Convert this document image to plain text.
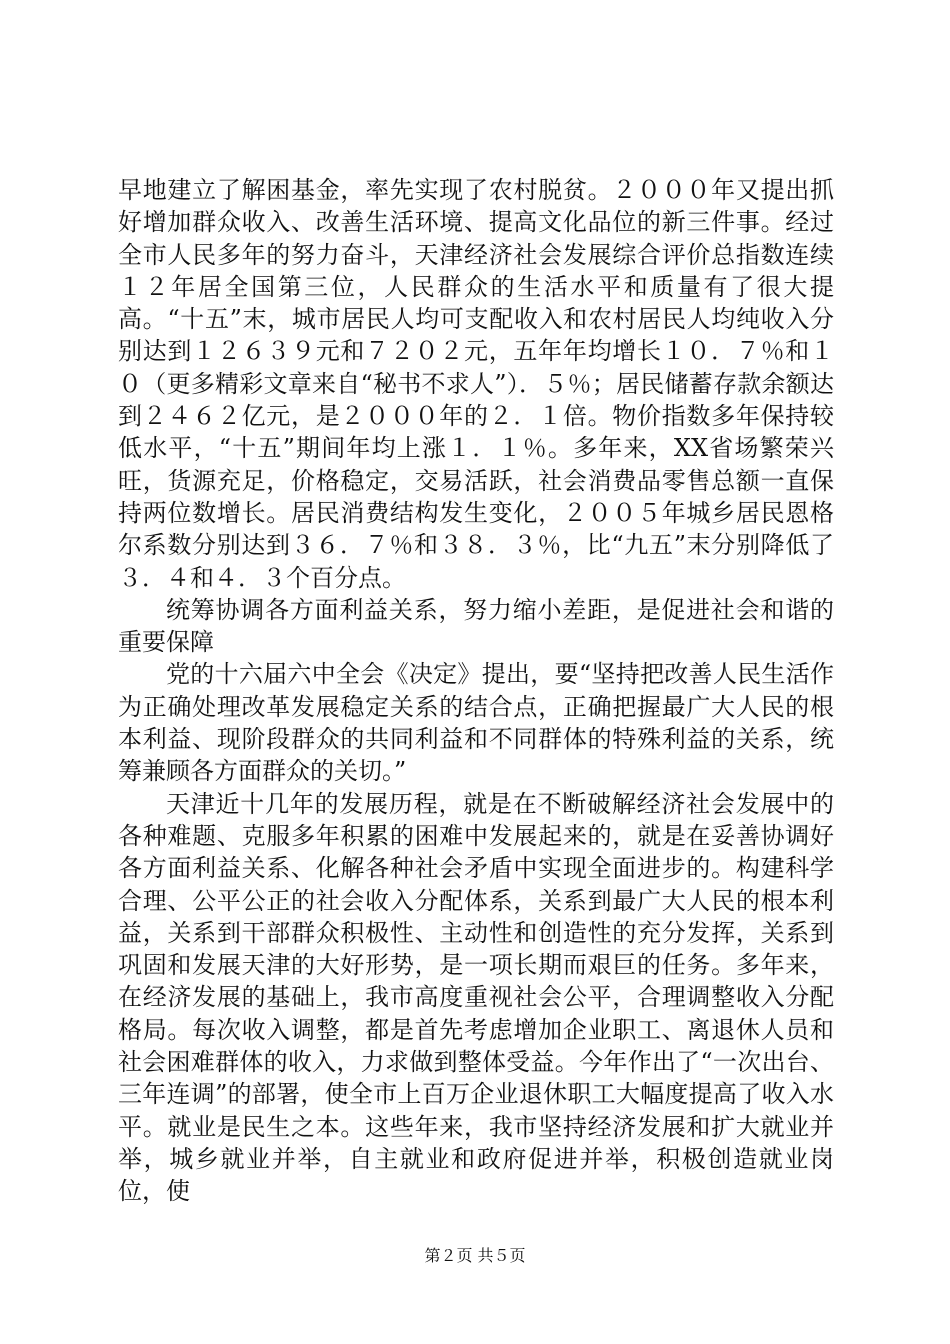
早地建立了解困基金，率先实现了农村脱贫。２０００年又提出抓好增加群众收入、改善生活环境、提高文化品位的新三件事。经过全市人民多年的努力奋斗，天津经济社会发展综合评价总指数连续１２年居全国第三位，人民群众的生活水平和质量有了很大提高。“十五”末，城市居民人均可支配收入和农村居民人均纯收入分别达到１２６３９元和７２０２元，五年年均增长１０．７％和１０（更多精彩文章来自“秘书不求人”）．５％；居民储蓄存款余额达到２４６２亿元，是２０００年的２．１倍。物价指数多年保持较低水平，“十五”期间年均上涨１．１％。多年来，XX省场繁荣兴旺，货源充足，价格稳定，交易活跃，社会消费品零售总额一直保持两位数增长。居民消费结构发生变化，２００５年城乡居民恩格尔系数分别达到３６．７％和３８．３％，比“九五”末分别降低了３．４和４．３个百分点。

统筹协调各方面利益关系，努力缩小差距，是促进社会和谐的重要保障

党的十六届六中全会《决定》提出，要“坚持把改善人民生活作为正确处理改革发展稳定关系的结合点，正确把握最广大人民的根本利益、现阶段群众的共同利益和不同群体的特殊利益的关系，统筹兼顾各方面群众的关切。”

天津近十几年的发展历程，就是在不断破解经济社会发展中的各种难题、克服多年积累的困难中发展起来的，就是在妥善协调好各方面利益关系、化解各种社会矛盾中实现全面进步的。构建科学合理、公平公正的社会收入分配体系，关系到最广大人民的根本利益，关系到干部群众积极性、主动性和创造性的充分发挥，关系到巩固和发展天津的大好形势，是一项长期而艰巨的任务。多年来，在经济发展的基础上，我市高度重视社会公平，合理调整收入分配格局。每次收入调整，都是首先考虑增加企业职工、离退休人员和社会困难群体的收入，力求做到整体受益。今年作出了“一次出台、三年连调”的部署，使全市上百万企业退休职工大幅度提高了收入水平。就业是民生之本。这些年来，我市坚持经济发展和扩大就业并举，城乡就业并举，自主就业和政府促进并举，积极创造就业岗位，使

第２页 共５页
